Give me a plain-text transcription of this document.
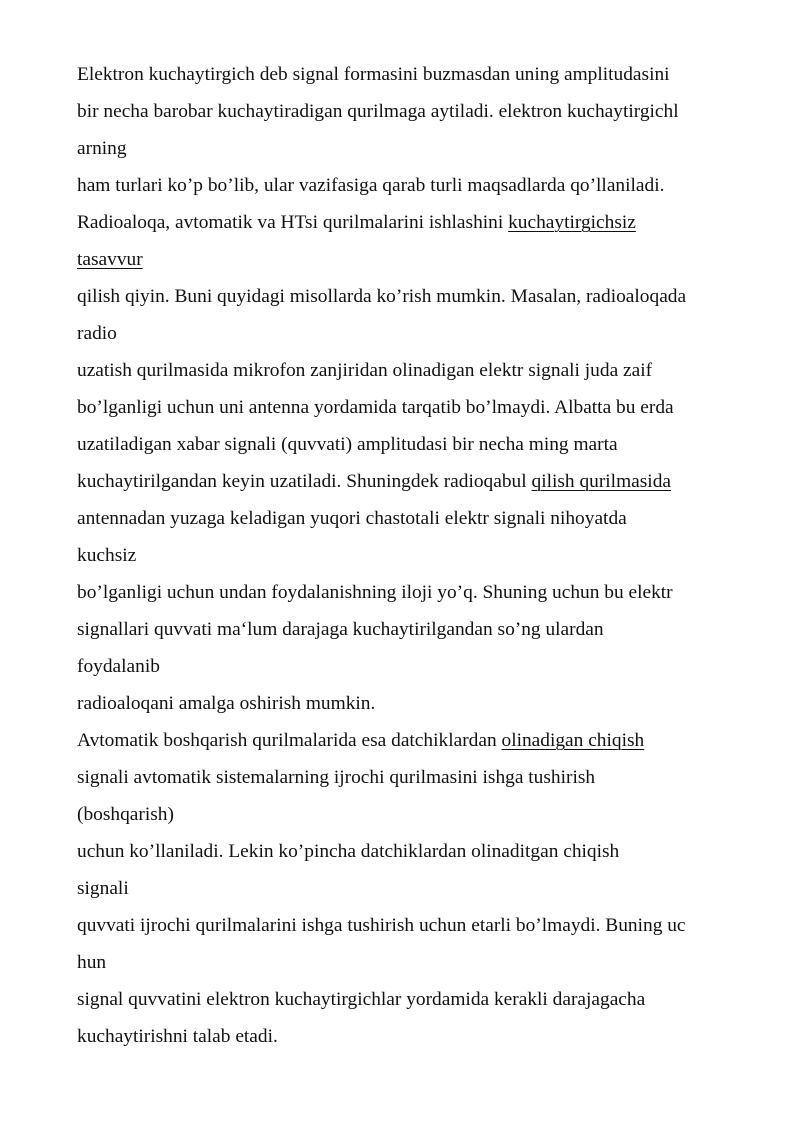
Elektron kuchaytirgich deb signal formasini buzmasdan uning amplitudasini
bir necha barobar kuchaytiradigan qurilmaga aytiladi. elektron kuchaytirgichl
arning
ham turlari ko’p bo’lib, ular vazifasiga qarab turli maqsadlarda qo’llaniladi.
Radioaloqa, avtomatik va HTsi qurilmalarini ishlashini kuchaytirgichsiz
tasavvur
qilish qiyin. Buni quyidagi misollarda ko’rish mumkin. Masalan, radioaloqada
radio
uzatish qurilmasida mikrofon zanjiridan olinadigan elektr signali juda zaif
bo’lganligi uchun uni antenna yordamida tarqatib bo’lmaydi. Albatta bu erda
uzatiladigan xabar signali (quvvati) amplitudasi bir necha ming marta
kuchaytirilgandan keyin uzatiladi. Shuningdek radioqabul qilish qurilmasida
antennadan yuzaga keladigan yuqori chastotali elektr signali nihoyatda
kuchsiz
bo’lganligi uchun undan foydalanishning iloji yo’q. Shuning uchun bu elektr
signallari quvvati ma‘lum darajaga kuchaytirilgandan so’ng ulardan
foydalanib
radioaloqani amalga oshirish mumkin.
Avtomatik boshqarish qurilmalarida esa datchiklardan olinadigan chiqish
signali avtomatik sistemalarning ijrochi qurilmasini ishga tushirish
(boshqarish)
uchun ko’llaniladi. Lekin ko’pincha datchiklardan olinaditgan chiqish
signali
quvvati ijrochi qurilmalarini ishga tushirish uchun etarli bo’lmaydi. Buning uc
hun
signal quvvatini elektron kuchaytirgichlar yordamida kerakli darajagacha
kuchaytirishni talab etadi.
